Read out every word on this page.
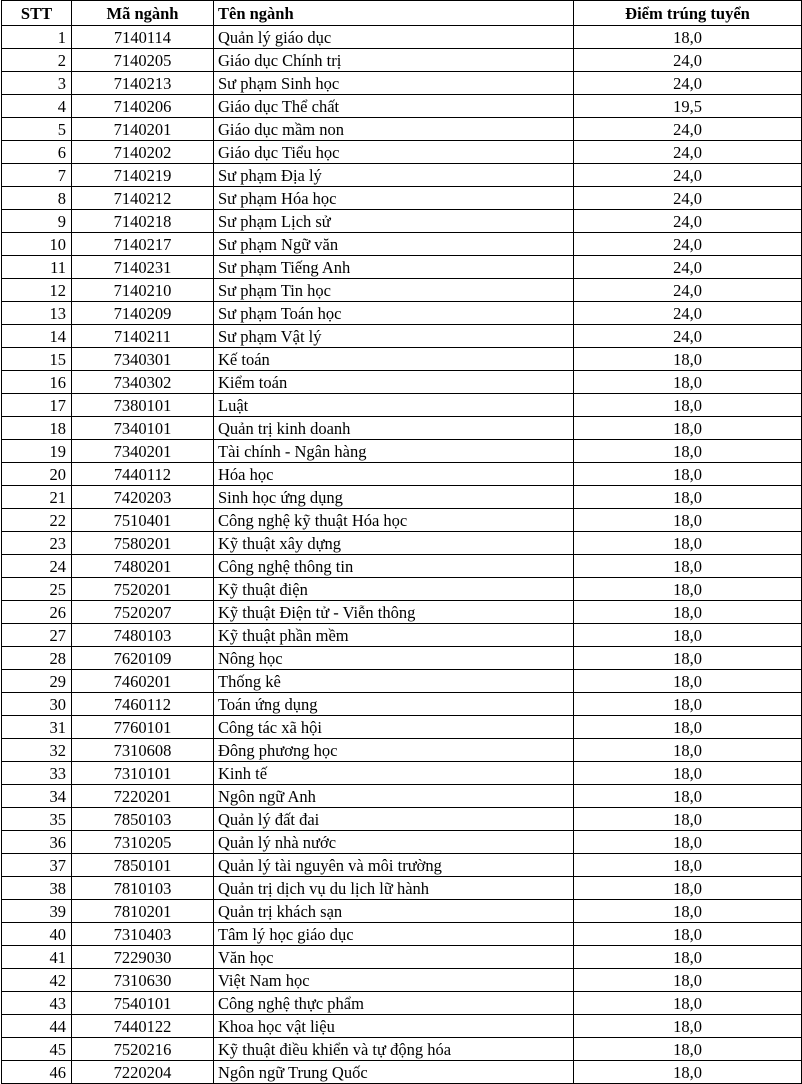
STT	Mã ngành	Tên ngành	Điểm trúng tuyển
1	7140114	Quản lý giáo dục	18,0
2	7140205	Giáo dục Chính trị	24,0
3	7140213	Sư phạm Sinh học	24,0
4	7140206	Giáo dục Thể chất	19,5
5	7140201	Giáo dục mầm non	24,0
6	7140202	Giáo dục Tiểu học	24,0
7	7140219	Sư phạm Địa lý	24,0
8	7140212	Sư phạm Hóa học	24,0
9	7140218	Sư phạm Lịch sử	24,0
10	7140217	Sư phạm Ngữ văn	24,0
11	7140231	Sư phạm Tiếng Anh	24,0
12	7140210	Sư phạm Tin học	24,0
13	7140209	Sư phạm Toán học	24,0
14	7140211	Sư phạm Vật lý	24,0
15	7340301	Kế toán	18,0
16	7340302	Kiểm toán	18,0
17	7380101	Luật	18,0
18	7340101	Quản trị kinh doanh	18,0
19	7340201	Tài chính - Ngân hàng	18,0
20	7440112	Hóa học	18,0
21	7420203	Sinh học ứng dụng	18,0
22	7510401	Công nghệ kỹ thuật Hóa học	18,0
23	7580201	Kỹ thuật xây dựng	18,0
24	7480201	Công nghệ thông tin	18,0
25	7520201	Kỹ thuật điện	18,0
26	7520207	Kỹ thuật Điện tử - Viễn thông	18,0
27	7480103	Kỹ thuật phần mềm	18,0
28	7620109	Nông học	18,0
29	7460201	Thống kê	18,0
30	7460112	Toán ứng dụng	18,0
31	7760101	Công tác xã hội	18,0
32	7310608	Đông phương học	18,0
33	7310101	Kinh tế	18,0
34	7220201	Ngôn ngữ Anh	18,0
35	7850103	Quản lý đất đai	18,0
36	7310205	Quản lý nhà nước	18,0
37	7850101	Quản lý tài nguyên và môi trường	18,0
38	7810103	Quản trị dịch vụ du lịch lữ hành	18,0
39	7810201	Quản trị khách sạn	18,0
40	7310403	Tâm lý học giáo dục	18,0
41	7229030	Văn học	18,0
42	7310630	Việt Nam học	18,0
43	7540101	Công nghệ thực phẩm	18,0
44	7440122	Khoa học vật liệu	18,0
45	7520216	Kỹ thuật điều khiển và tự động hóa	18,0
46	7220204	Ngôn ngữ Trung Quốc	18,0
